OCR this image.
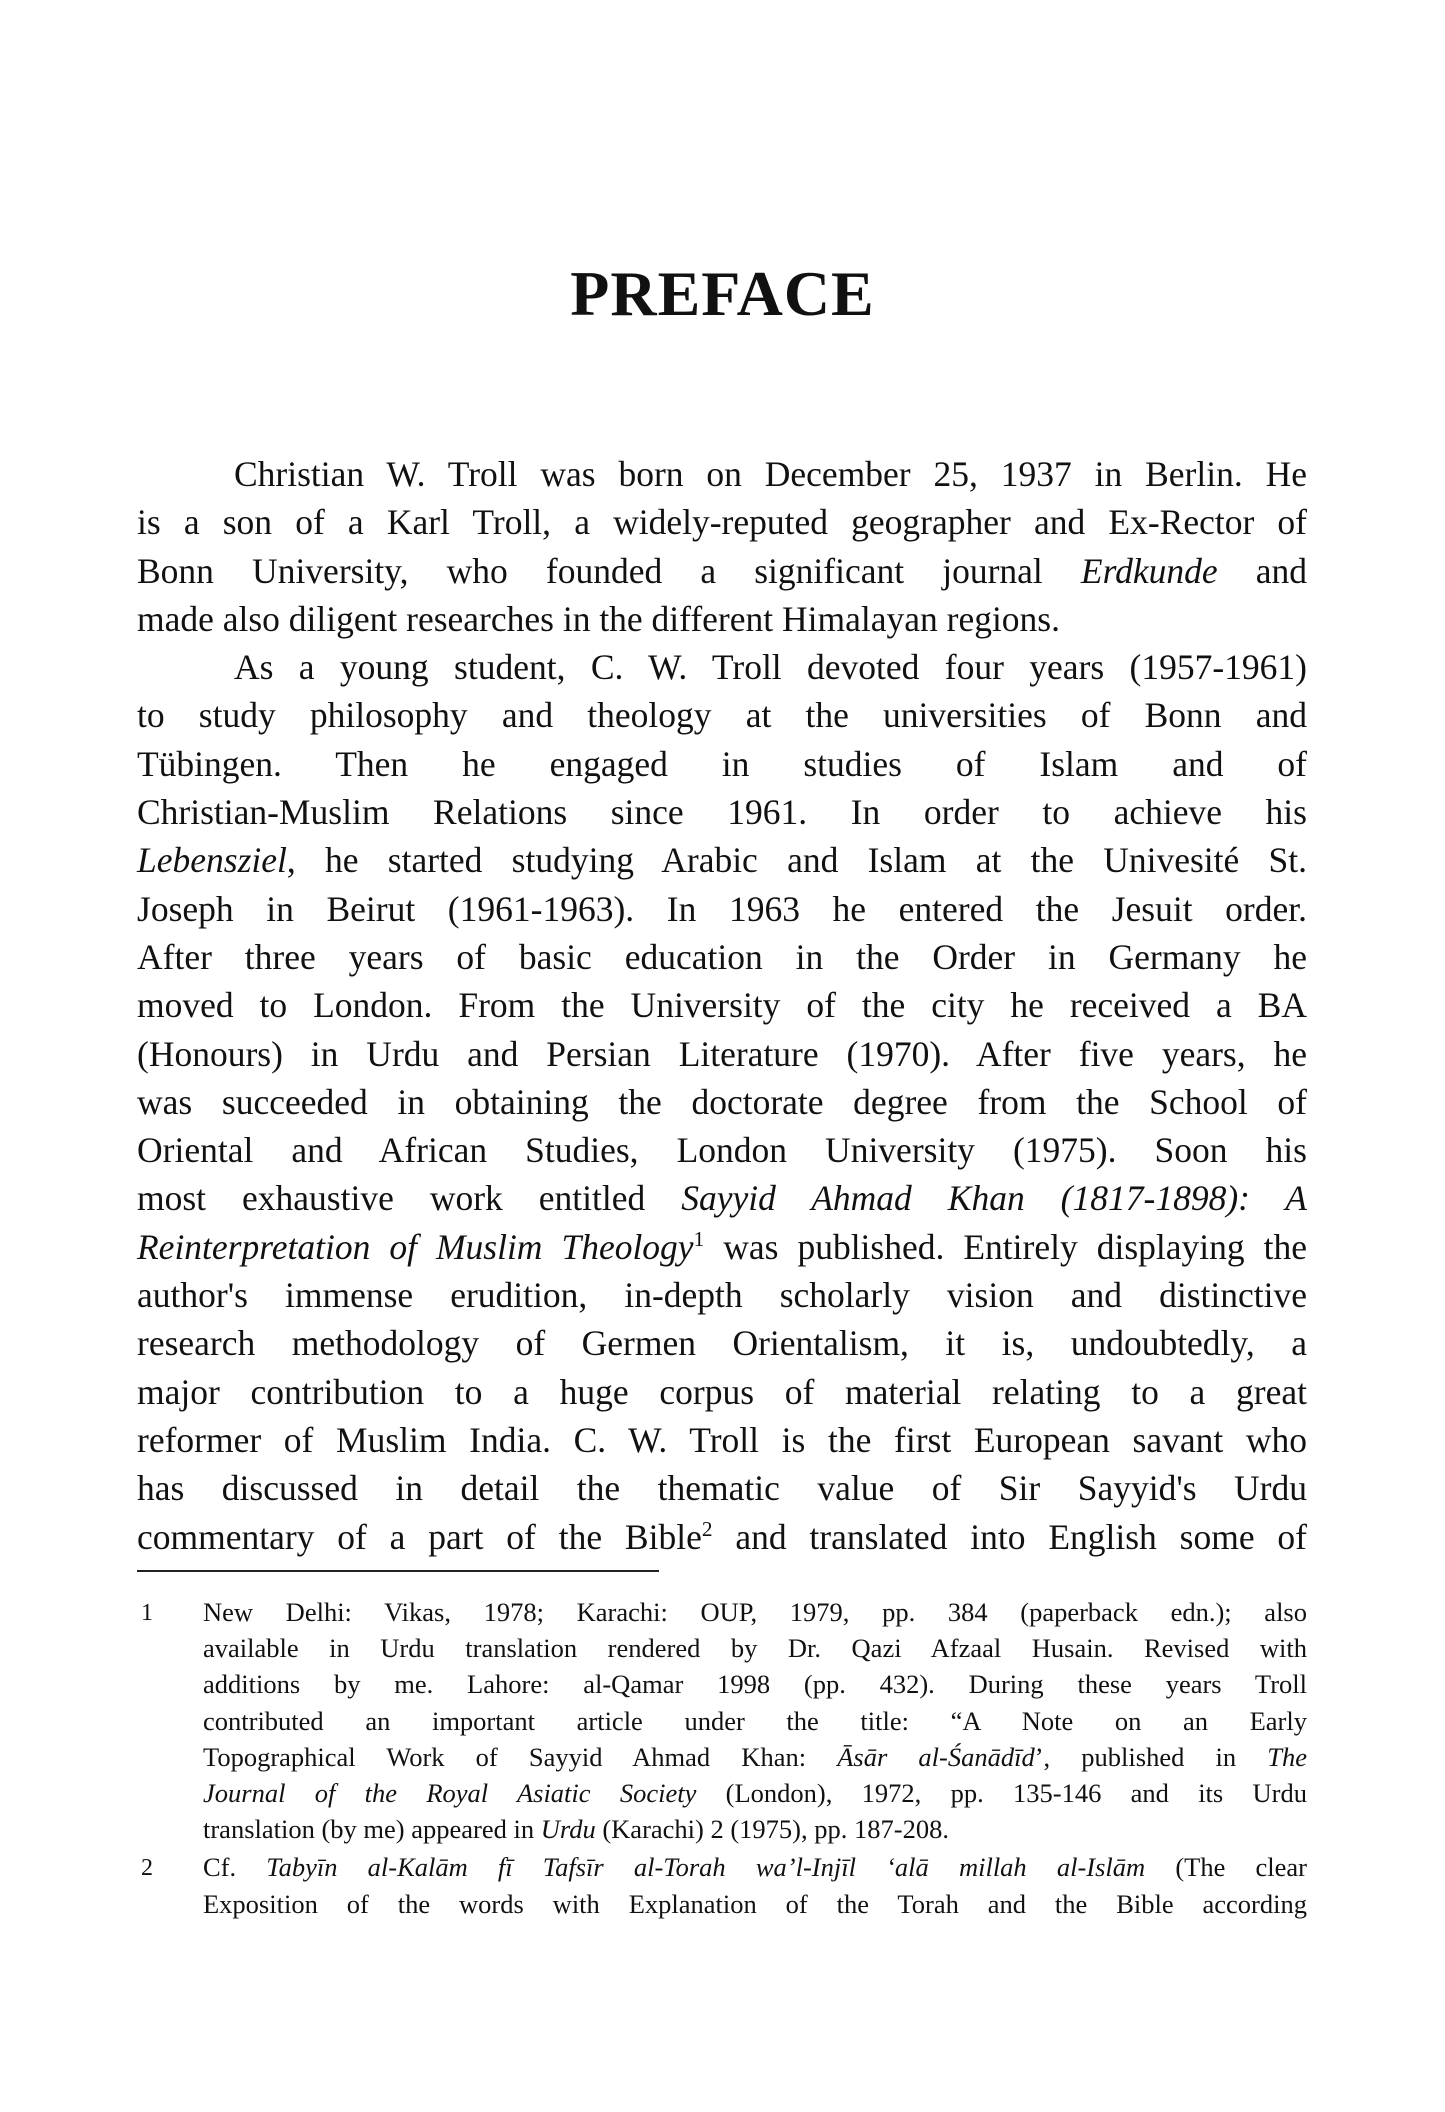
PREFACE
Christian W. Troll was born on December 25, 1937 in Berlin. He
is a son of a Karl Troll, a widely-reputed geographer and Ex-Rector of
Bonn University, who founded a significant journal Erdkunde and
made also diligent researches in the different Himalayan regions.
As a young student, C. W. Troll devoted four years (1957-1961)
to study philosophy and theology at the universities of Bonn and
Tübingen. Then he engaged in studies of Islam and of
Christian-Muslim Relations since 1961. In order to achieve his
Lebensziel, he started studying Arabic and Islam at the Univesité St.
Joseph in Beirut (1961-1963). In 1963 he entered the Jesuit order.
After three years of basic education in the Order in Germany he
moved to London. From the University of the city he received a BA
(Honours) in Urdu and Persian Literature (1970). After five years, he
was succeeded in obtaining the doctorate degree from the School of
Oriental and African Studies, London University (1975). Soon his
most exhaustive work entitled Sayyid Ahmad Khan (1817-1898): A
Reinterpretation of Muslim Theology$^1$ was published. Entirely displaying the
author's immense erudition, in-depth scholarly vision and distinctive
research methodology of Germen Orientalism, it is, undoubtedly, a
major contribution to a huge corpus of material relating to a great
reformer of Muslim India. C. W. Troll is the first European savant who
has discussed in detail the thematic value of Sir Sayyid's Urdu
commentary of a part of the Bible$^2$ and translated into English some of
1 New Delhi: Vikas, 1978; Karachi: OUP, 1979, pp. 384 (paperback edn.); also
available in Urdu translation rendered by Dr. Qazi Afzaal Husain. Revised with
additions by me. Lahore: al-Qamar 1998 (pp. 432). During these years Troll
contributed an important article under the title: “A Note on an Early
Topographical Work of Sayyid Ahmad Khan: Āsār al-Śanādīd’, published in The
Journal of the Royal Asiatic Society (London), 1972, pp. 135-146 and its Urdu
translation (by me) appeared in Urdu (Karachi) 2 (1975), pp. 187-208.
2 Cf. Tabyīn al-Kalām fī Tafsīr al-Torah wa’l-Injīl ‘alā millah al-Islām (The clear
Exposition of the words with Explanation of the Torah and the Bible according
